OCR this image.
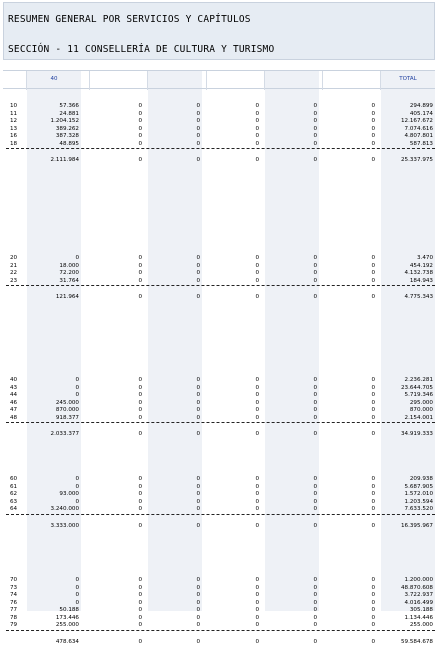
RESUMEN GENERAL POR SERVICIOS Y CAPÍTULOS
SECCIÓN - 11 CONSELLERÍA DE CULTURA Y TURISMO
40	TOTAL
10	57.366	0	0	0	0	0	294.899
11	24.881	0	0	0	0	0	405.174
12	1.204.152	0	0	0	0	0	12.167.672
13	389.262	0	0	0	0	0	7.074.616
16	387.328	0	0	0	0	0	4.807.801
18	48.895	0	0	0	0	0	587.813
2.111.984	0	0	0	0	0	25.337.975
20	0	0	0	0	0	0	3.470
21	18.000	0	0	0	0	0	454.192
22	72.200	0	0	0	0	0	4.132.738
23	31.764	0	0	0	0	0	184.943
121.964	0	0	0	0	0	4.775.343
40	0	0	0	0	0	0	2.236.281
43	0	0	0	0	0	0	23.644.705
44	0	0	0	0	0	0	5.719.346
46	245.000	0	0	0	0	0	295.000
47	870.000	0	0	0	0	0	870.000
48	918.377	0	0	0	0	0	2.154.001
2.033.377	0	0	0	0	0	34.919.333
60	0	0	0	0	0	0	209.938
61	0	0	0	0	0	0	5.687.905
62	93.000	0	0	0	0	0	1.572.010
63	0	0	0	0	0	0	1.203.594
64	3.240.000	0	0	0	0	0	7.633.520
3.333.000	0	0	0	0	0	16.395.967
70	0	0	0	0	0	0	1.200.000
73	0	0	0	0	0	0	48.870.608
74	0	0	0	0	0	0	3.722.937
76	0	0	0	0	0	0	4.016.499
77	50.188	0	0	0	0	0	305.188
78	173.446	0	0	0	0	0	1.134.446
79	255.000	0	0	0	0	0	255.000
478.634	0	0	0	0	0	59.584.678
